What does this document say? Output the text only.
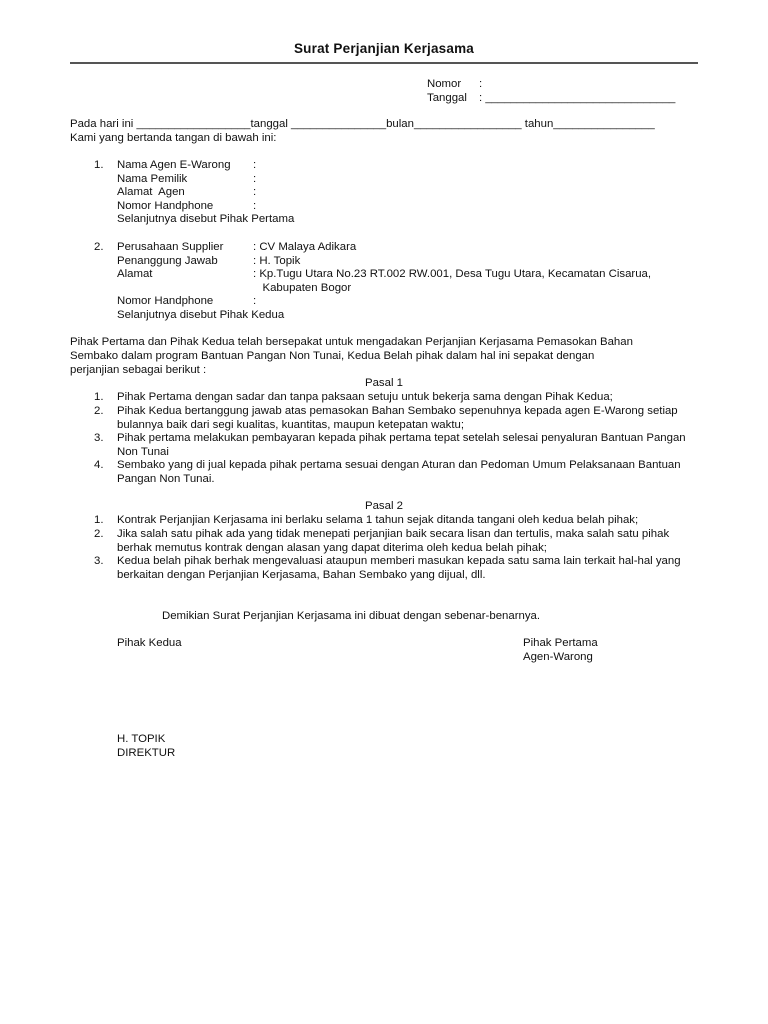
Surat Perjanjian Kerjasama
Nomor :
Tanggal : ______________________________
Pada hari ini __________________tanggal _______________bulan_________________ tahun________________
Kami yang bertanda tangan di bawah ini:
1. Nama Agen E-Warong :
Nama Pemilik	:
Alamat  Agen	:
Nomor Handphone	:
Selanjutnya disebut Pihak Pertama
2. Perusahaan Supplier	: CV Malaya Adikara
Penanggung Jawab	: H. Topik
Alamat	: Kp.Tugu Utara No.23 RT.002 RW.001, Desa Tugu Utara, Kecamatan Cisarua,
Kabupaten Bogor
Nomor Handphone	:
Selanjutnya disebut Pihak Kedua
Pihak Pertama dan Pihak Kedua telah bersepakat untuk mengadakan Perjanjian Kerjasama Pemasokan Bahan
Sembako dalam program Bantuan Pangan Non Tunai, Kedua Belah pihak dalam hal ini sepakat dengan
perjanjian sebagai berikut :
Pasal 1
1. Pihak Pertama dengan sadar dan tanpa paksaan setuju untuk bekerja sama dengan Pihak Kedua;
2. Pihak Kedua bertanggung jawab atas pemasokan Bahan Sembako sepenuhnya kepada agen E-Warong setiap bulannya baik dari segi kualitas, kuantitas, maupun ketepatan waktu;
3. Pihak pertama melakukan pembayaran kepada pihak pertama tepat setelah selesai penyaluran Bantuan Pangan Non Tunai
4. Sembako yang di jual kepada pihak pertama sesuai dengan Aturan dan Pedoman Umum Pelaksanaan Bantuan Pangan Non Tunai.
Pasal 2
1. Kontrak Perjanjian Kerjasama ini berlaku selama 1 tahun sejak ditanda tangani oleh kedua belah pihak;
2. Jika salah satu pihak ada yang tidak menepati perjanjian baik secara lisan dan tertulis, maka salah satu pihak berhak memutus kontrak dengan alasan yang dapat diterima oleh kedua belah pihak;
3. Kedua belah pihak berhak mengevaluasi ataupun memberi masukan kepada satu sama lain terkait hal-hal yang berkaitan dengan Perjanjian Kerjasama, Bahan Sembako yang dijual, dll.
Demikian Surat Perjanjian Kerjasama ini dibuat dengan sebenar-benarnya.
Pihak Kedua	Pihak Pertama
Agen-Warong
H. TOPIK
DIREKTUR
